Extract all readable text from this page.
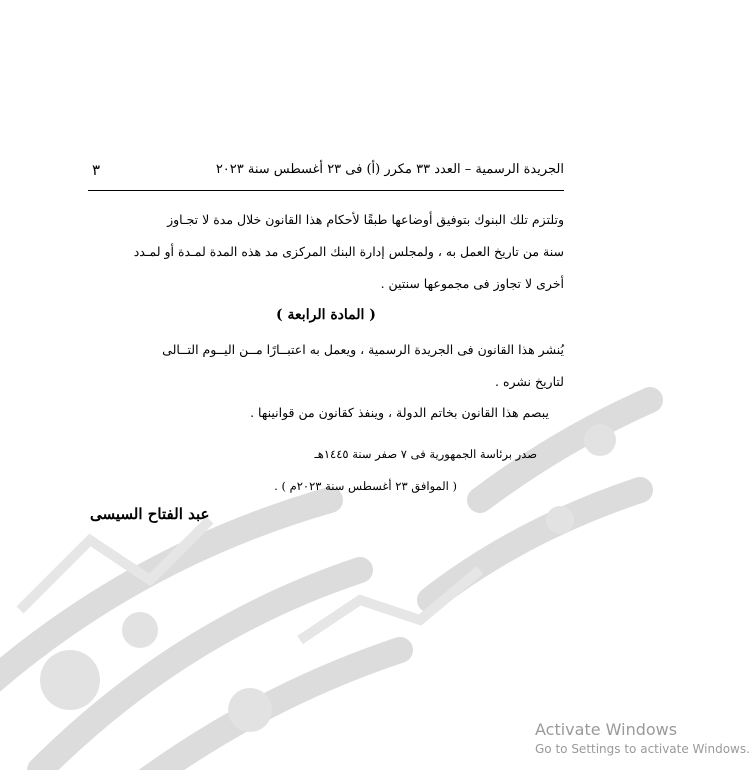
الجريدة الرسمية – العدد ٣٣ مكرر (أ) فى ٢٣ أغسطس سنة ٢٠٢٣
٣
وتلتزم تلك البنوك بتوفيق أوضاعها طبقًا لأحكام هذا القانون خلال مدة لا تجـاوز
سنة من تاريخ العمل به ، ولمجلس إدارة البنك المركزى مد هذه المدة لمـدة أو لمـدد
أخرى لا تجاوز فى مجموعها سنتين .
( المادة الرابعة )
يُنشر هذا القانون فى الجريدة الرسمية ، ويعمل به اعتبــارًا مــن اليــوم التــالى
لتاريخ نشره .
يبصم هذا القانون بخاتم الدولة ، وينفذ كقانون من قوانينها .
صدر برئاسة الجمهورية فى ٧ صفر سنة ١٤٤٥هـ
( الموافق ٢٣ أغسطس سنة ٢٠٢٣م ) .
عبد الفتاح السيسى
Activate Windows
Go to Settings to activate Windows.
